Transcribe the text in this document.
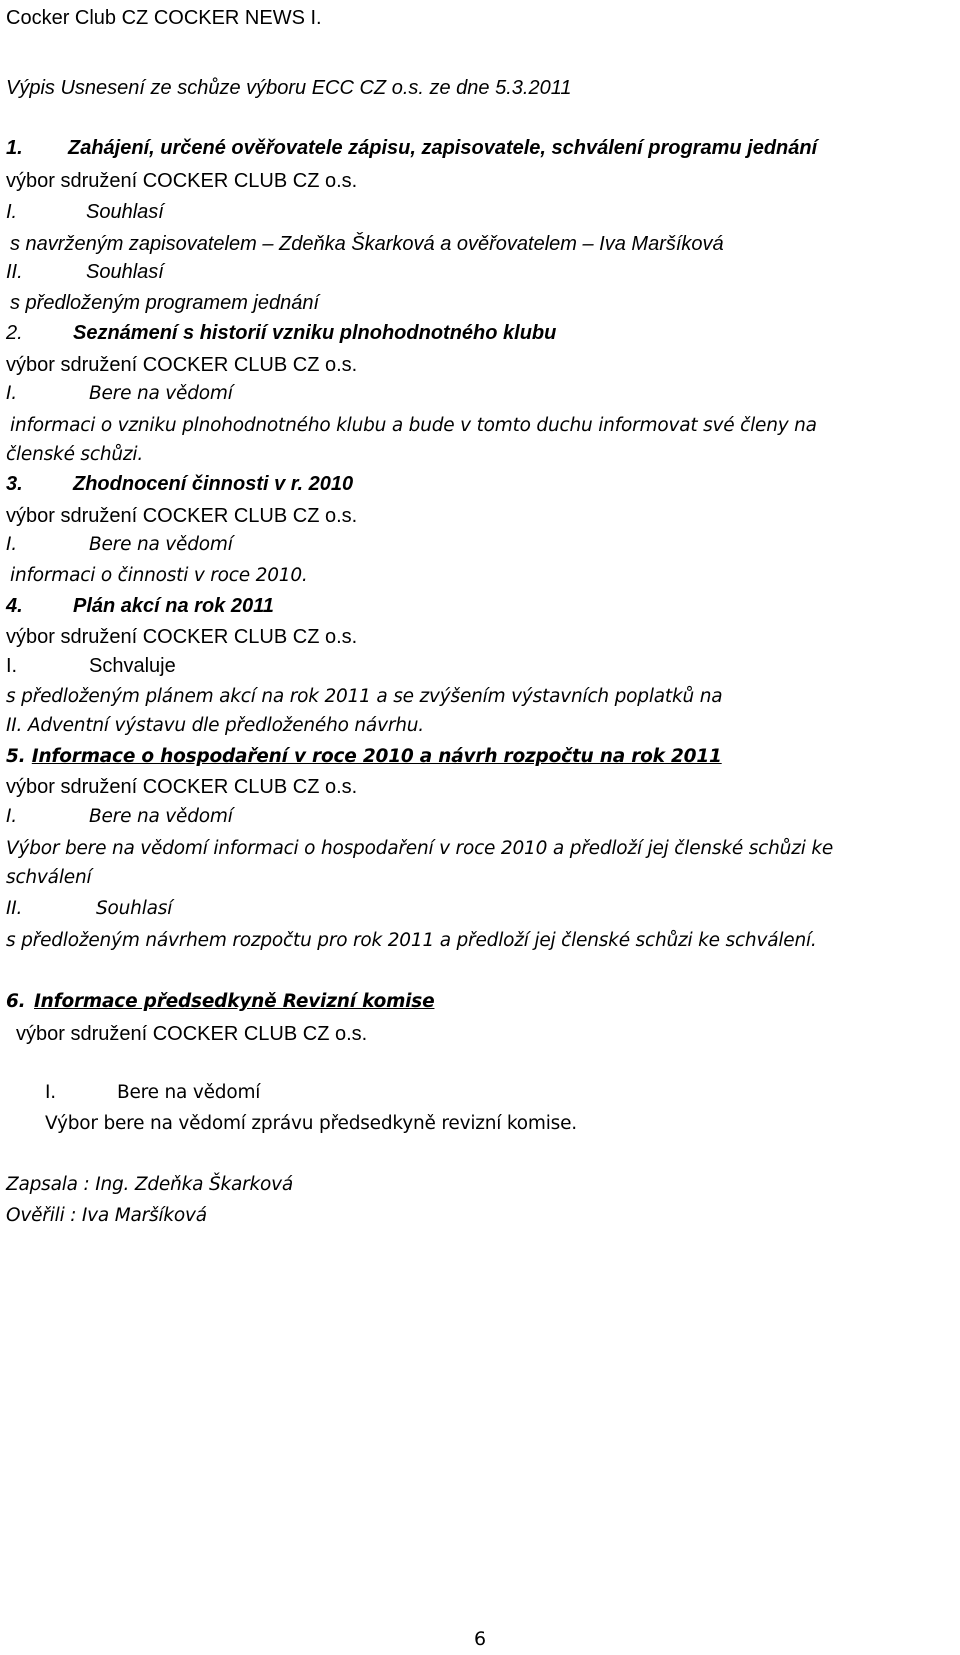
Cocker Club CZ COCKER NEWS I.
Výpis Usnesení ze schůze výboru ECC CZ o.s. ze dne 5.3.2011
1. Zahájení, určené ověřovatele zápisu, zapisovatele, schválení programu jednání
výbor sdružení COCKER CLUB CZ o.s.
I.	Souhlasí
s navrženým zapisovatelem – Zdeňka Škarková a ověřovatelem – Iva Maršíková
II.	Souhlasí
s předloženým programem jednání
2.	Seznámení s historií vzniku plnohodnotného klubu
výbor sdružení COCKER CLUB CZ o.s.
I.	Bere na vědomí
informaci o vzniku plnohodnotného klubu a bude v tomto duchu informovat své členy na
členské schůzi.
3.	Zhodnocení činnosti v r. 2010
výbor sdružení COCKER CLUB CZ o.s.
I.	Bere na vědomí
informaci o činnosti v roce 2010.
4.	Plán akcí na rok 2011
výbor sdružení COCKER CLUB CZ o.s.
I.	Schvaluje
s předloženým plánem akcí na rok 2011 a se zvýšením výstavních poplatků na
II. Adventní výstavu dle předloženého návrhu.
5. Informace o hospodaření v roce 2010 a návrh rozpočtu na rok 2011
výbor sdružení COCKER CLUB CZ o.s.
I.	Bere na vědomí
Výbor bere na vědomí informaci o hospodaření v roce 2010 a předloží jej členské schůzi ke
schválení
II.	Souhlasí
s předloženým návrhem rozpočtu pro rok 2011 a předloží jej členské schůzi ke schválení.
6. Informace předsedkyně Revizní komise
výbor sdružení COCKER CLUB CZ o.s.
I.	Bere na vědomí
Výbor bere na vědomí zprávu předsedkyně revizní komise.
Zapsala : Ing. Zdeňka Škarková
Ověřili : Iva Maršíková
6
